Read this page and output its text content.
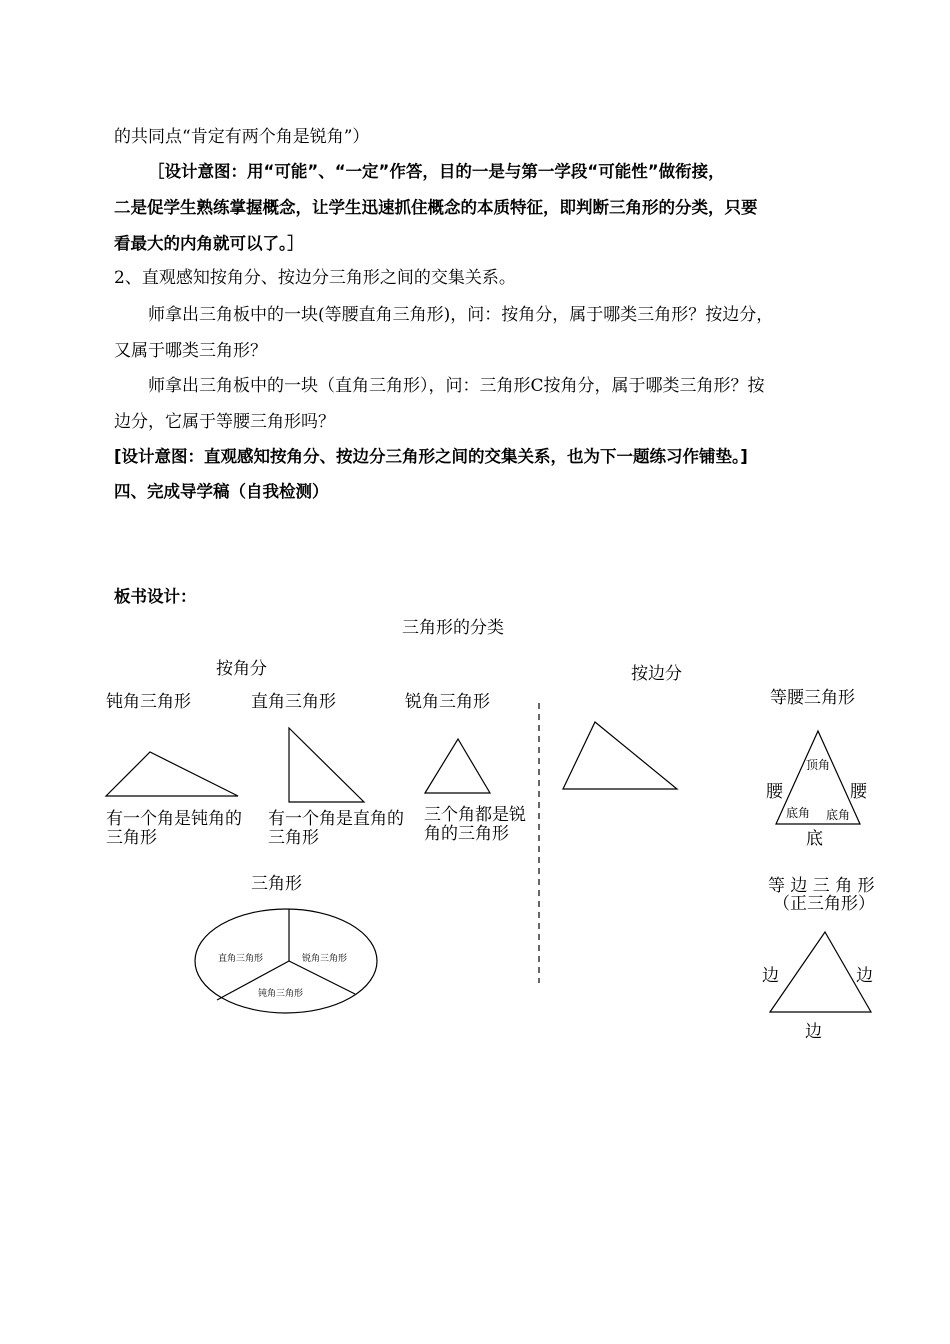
的共同点“肯定有两个角是锐角”）
［设计意图：用“可能”、“一定”作答，目的一是与第一学段“可能性”做衔接，
二是促学生熟练掌握概念，让学生迅速抓住概念的本质特征，即判断三角形的分类，只要
看最大的内角就可以了。］
2、直观感知按角分、按边分三角形之间的交集关系。
师拿出三角板中的一块(等腰直角三角形)，问：按角分，属于哪类三角形？按边分，
又属于哪类三角形？
师拿出三角板中的一块（直角三角形），问：三角形C按角分，属于哪类三角形？按
边分，它属于等腰三角形吗？
[设计意图：直观感知按角分、按边分三角形之间的交集关系，也为下一题练习作铺垫。]
四、完成导学稿（自我检测）
板书设计：
三角形的分类
按角分
钝角三角形	直角三角形	锐角三角形
有一个角是钝角的三角形
有一个角是直角的三角形
三个角都是锐角的三角形
三角形
按边分
等腰三角形
顶角
腰	腰
底角 底角
底
等 边 三 角 形
（正三角形）
边	边
边
直角三角形	锐角三角形
钝角三角形
